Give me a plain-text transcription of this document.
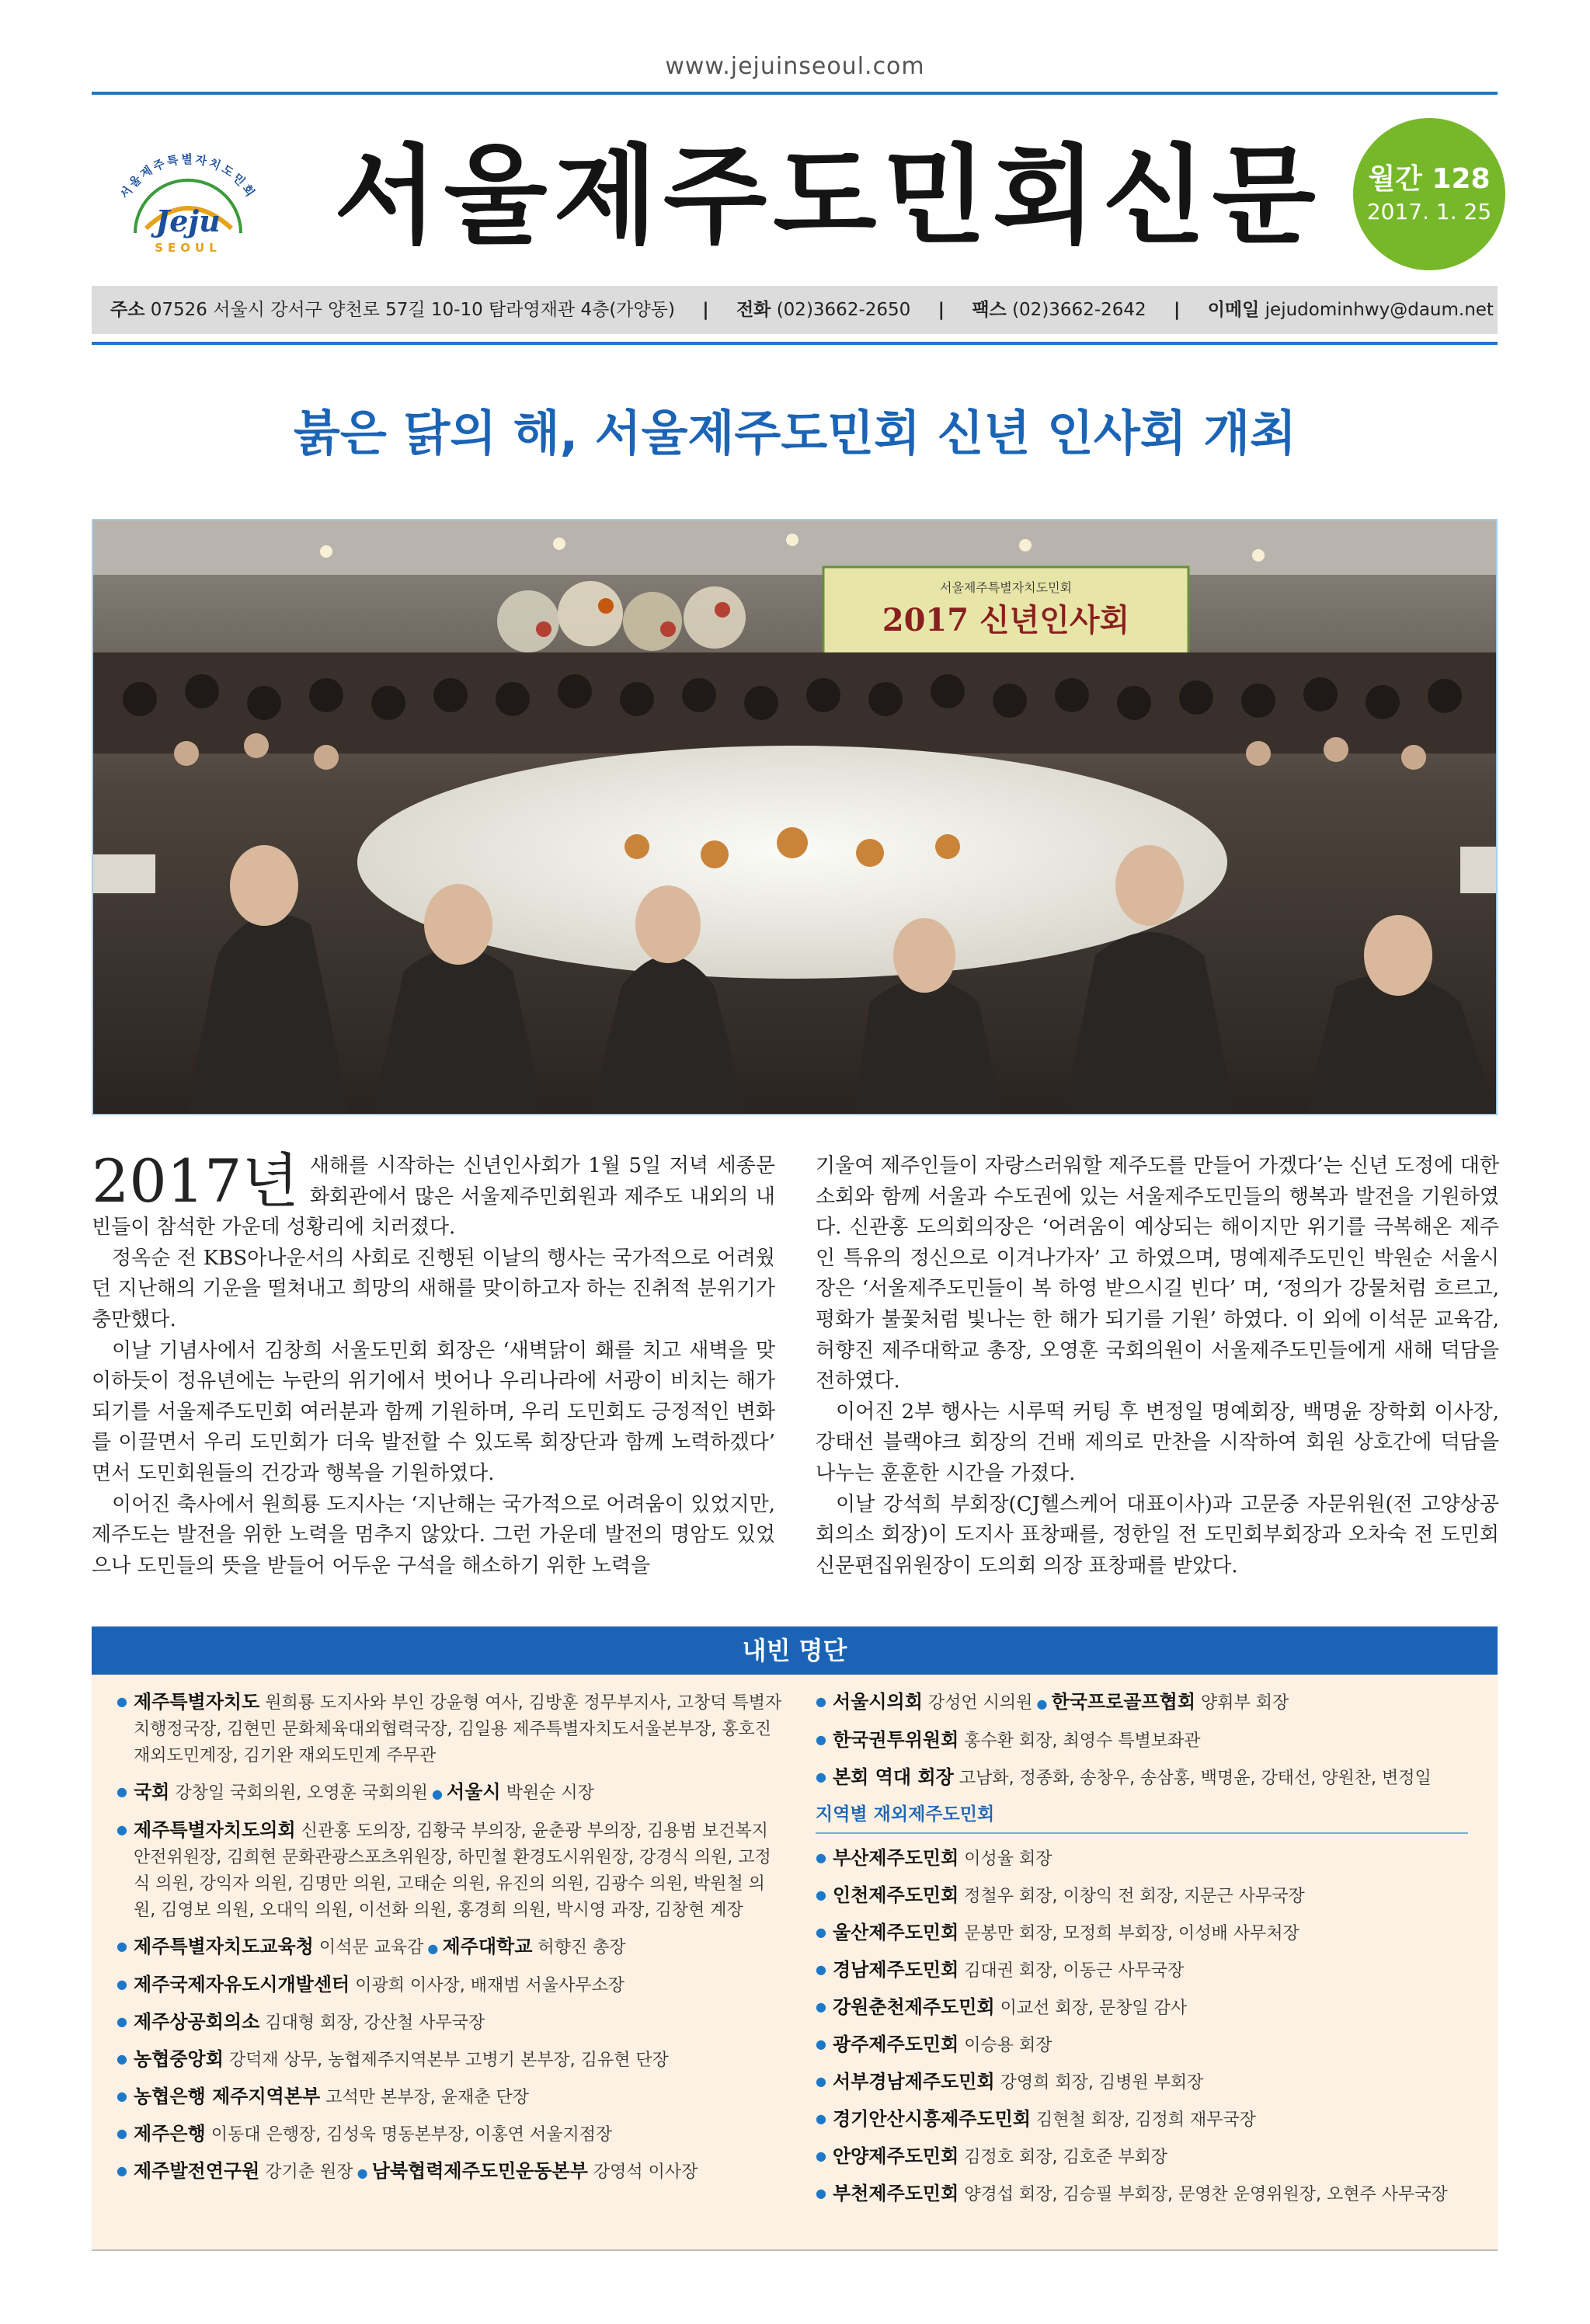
www.jejuinseoul.com
서울제주특별자치도민회
Jeju
SEOUL 서울제주도민회신문	월간 128
2017. 1. 25
주소 07526 서울시 강서구 양천로 57길 10-10 탐라영재관 4층(가양동) | 전화 (02)3662-2650 | 팩스 (02)3662-2642 | 이메일 jejudominhwy@daum.net
붉은 닭의 해, 서울제주도민회 신년 인사회 개최
서울제주특별자치도민회
2017 신년인사회

2017년 새해를 시작하는 신년인사회가 1월 5일 저녁 세종문화회관에서 많은 서울제주민회원과 제주도 내외의 내빈들이 참석한 가운데 성황리에 치러졌다.

정옥순 전 KBS아나운서의 사회로 진행된 이날의 행사는 국가적으로 어려웠던 지난해의 기운을 떨쳐내고 희망의 새해를 맞이하고자 하는 진취적 분위기가 충만했다.

이날 기념사에서 김창희 서울도민회 회장은 ‘새벽닭이 홰를 치고 새벽을 맞이하듯이 정유년에는 누란의 위기에서 벗어나 우리나라에 서광이 비치는 해가 되기를 서울제주도민회 여러분과 함께 기원하며, 우리 도민회도 긍정적인 변화를 이끌면서 우리 도민회가 더욱 발전할 수 있도록 회장단과 함께 노력하겠다’ 면서 도민회원들의 건강과 행복을 기원하였다.

이어진 축사에서 원희룡 도지사는 ‘지난해는 국가적으로 어려움이 있었지만, 제주도는 발전을 위한 노력을 멈추지 않았다. 그런 가운데 발전의 명암도 있었으나 도민들의 뜻을 받들어 어두운 구석을 해소하기 위한 노력을

기울여 제주인들이 자랑스러워할 제주도를 만들어 가겠다’는 신년 도정에 대한 소회와 함께 서울과 수도권에 있는 서울제주도민들의 행복과 발전을 기원하였다. 신관홍 도의회의장은 ‘어려움이 예상되는 해이지만 위기를 극복해온 제주인 특유의 정신으로 이겨나가자’ 고 하였으며, 명예제주도민인 박원순 서울시장은 ‘서울제주도민들이 복 하영 받으시길 빈다’ 며, ‘정의가 강물처럼 흐르고, 평화가 불꽃처럼 빛나는 한 해가 되기를 기원’ 하였다. 이 외에 이석문 교육감, 허향진 제주대학교 총장, 오영훈 국회의원이 서울제주도민들에게 새해 덕담을 전하였다.

이어진 2부 행사는 시루떡 커팅 후 변정일 명예회장, 백명윤 장학회 이사장, 강태선 블랙야크 회장의 건배 제의로 만찬을 시작하여 회원 상호간에 덕담을 나누는 훈훈한 시간을 가졌다.

이날 강석희 부회장(CJ헬스케어 대표이사)과 고문중 자문위원(전 고양상공회의소 회장)이 도지사 표창패를, 정한일 전 도민회부회장과 오차숙 전 도민회신문편집위원장이 도의회 의장 표창패를 받았다.

내빈 명단
● 제주특별자치도 원희룡 도지사와 부인 강윤형 여사, 김방훈 정무부지사, 고창덕 특별자치행정국장, 김현민 문화체육대외협력국장, 김일용 제주특별자치도서울본부장, 홍호진 재외도민계장, 김기완 재외도민계 주무관
● 국회 강창일 국회의원, 오영훈 국회의원 ● 서울시 박원순 시장
● 제주특별자치도의회 신관홍 도의장, 김황국 부의장, 윤춘광 부의장, 김용범 보건복지안전위원장, 김희현 문화관광스포츠위원장, 하민철 환경도시위원장, 강경식 의원, 고정식 의원, 강익자 의원, 김명만 의원, 고태순 의원, 유진의 의원, 김광수 의원, 박원철 의원, 김영보 의원, 오대익 의원, 이선화 의원, 홍경희 의원, 박시영 과장, 김창현 계장
● 제주특별자치도교육청 이석문 교육감 ● 제주대학교 허향진 총장
● 제주국제자유도시개발센터 이광희 이사장, 배재범 서울사무소장
● 제주상공회의소 김대형 회장, 강산철 사무국장
● 농협중앙회 강덕재 상무, 농협제주지역본부 고병기 본부장, 김유현 단장
● 농협은행 제주지역본부 고석만 본부장, 윤재춘 단장
● 제주은행 이동대 은행장, 김성욱 명동본부장, 이홍연 서울지점장
● 제주발전연구원 강기춘 원장 ● 남북협력제주도민운동본부 강영석 이사장
● 서울시의회 강성언 시의원 ● 한국프로골프협회 양휘부 회장
● 한국권투위원회 홍수환 회장, 최영수 특별보좌관
● 본회 역대 회장 고남화, 정종화, 송창우, 송삼홍, 백명윤, 강태선, 양원찬, 변정일
지역별 재외제주도민회
● 부산제주도민회 이성율 회장
● 인천제주도민회 정철우 회장, 이창익 전 회장, 지문근 사무국장
● 울산제주도민회 문봉만 회장, 모정희 부회장, 이성배 사무처장
● 경남제주도민회 김대권 회장, 이동근 사무국장
● 강원춘천제주도민회 이교선 회장, 문창일 감사
● 광주제주도민회 이승용 회장
● 서부경남제주도민회 강영희 회장, 김병원 부회장
● 경기안산시흥제주도민회 김현철 회장, 김정희 재무국장
● 안양제주도민회 김정호 회장, 김호준 부회장
● 부천제주도민회 양경섭 회장, 김승필 부회장, 문영찬 운영위원장, 오현주 사무국장
